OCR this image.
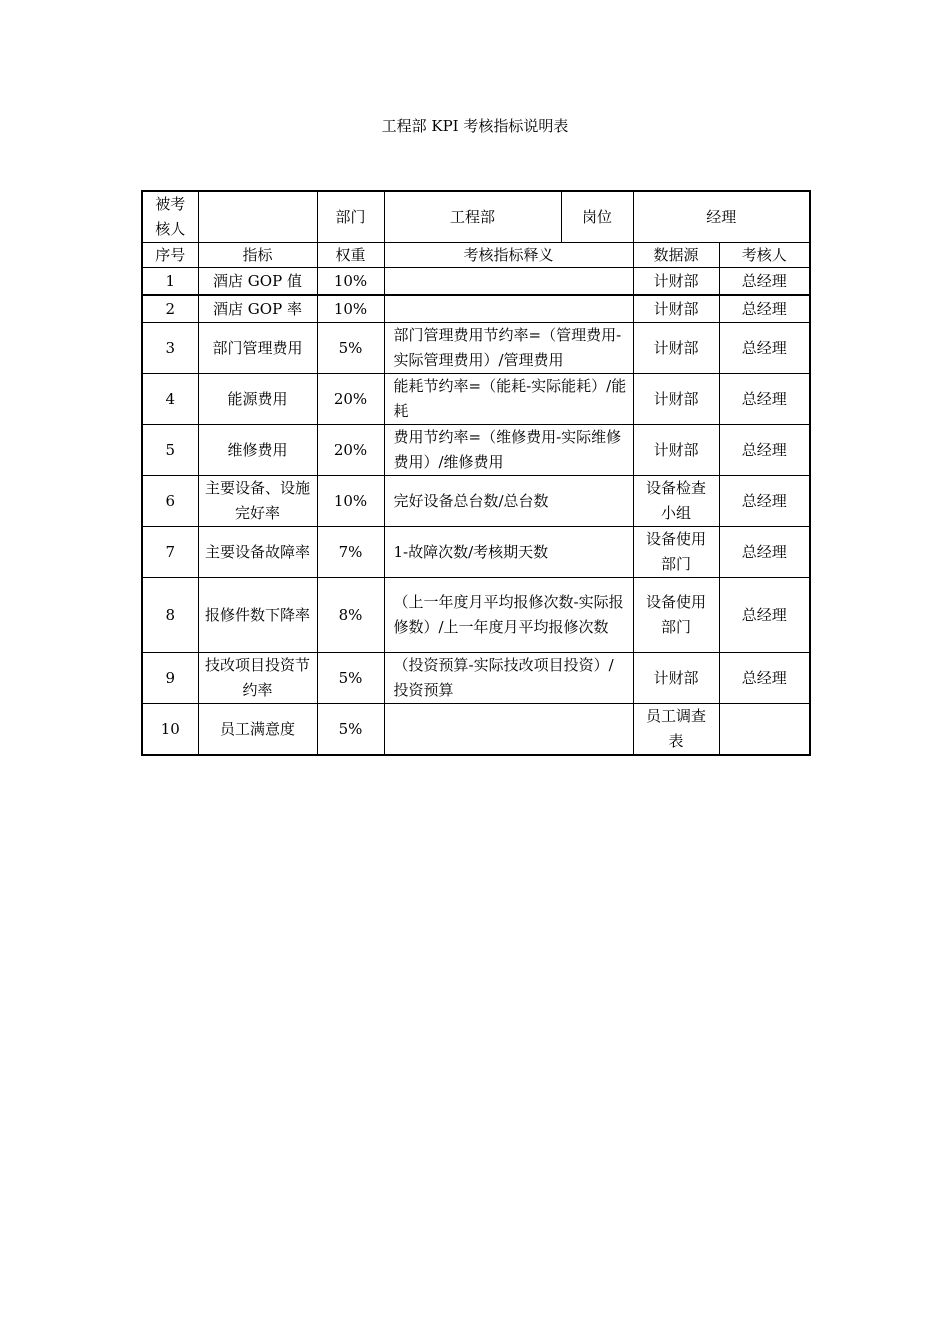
工程部 KPI 考核指标说明表
被考核人		部门	工程部	岗位	经理	
序号	指标	权重	考核指标释义		数据源	考核人
1	酒店 GOP 值	10%			计财部	总经理
2	酒店 GOP 率	10%			计财部	总经理
3	部门管理费用	5%	部门管理费用节约率=（管理费用-实际管理费用）/管理费用		计财部	总经理
4	能源费用	20%	能耗节约率=（能耗-实际能耗）/能耗		计财部	总经理
5	维修费用	20%	费用节约率=（维修费用-实际维修费用）/维修费用		计财部	总经理
6	主要设备、设施完好率	10%	完好设备总台数/总台数		设备检查小组	总经理
7	主要设备故障率	7%	1-故障次数/考核期天数		设备使用部门	总经理
8	报修件数下降率	8%	（上一年度月平均报修次数-实际报修数）/上一年度月平均报修次数		设备使用部门	总经理
9	技改项目投资节约率	5%	（投资预算-实际技改项目投资）/投资预算		计财部	总经理
10	员工满意度	5%			员工调查表	
